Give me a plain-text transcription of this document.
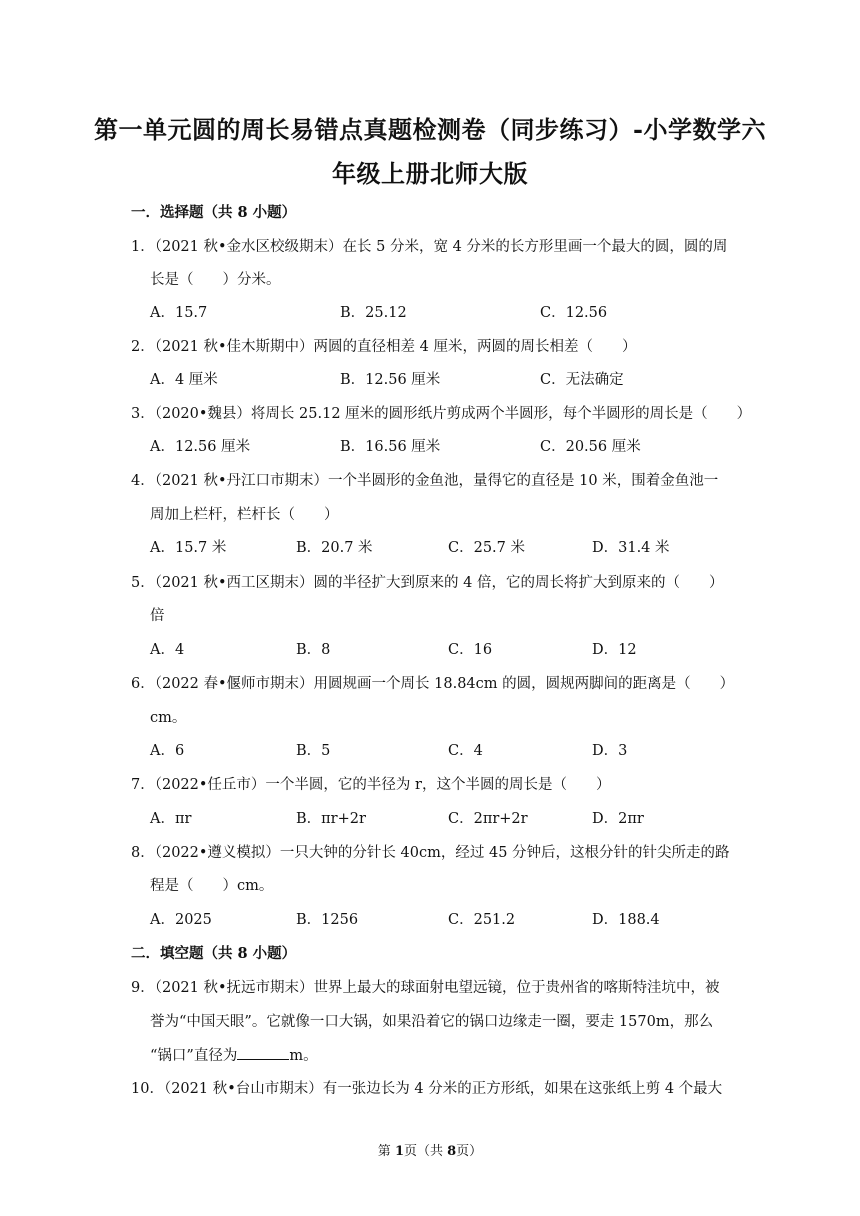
第一单元圆的周长易错点真题检测卷（同步练习）-小学数学六
年级上册北师大版
一．选择题（共 8 小题）
1．（2021 秋•金水区校级期末）在长 5 分米，宽 4 分米的长方形里画一个最大的圆，圆的周
长是（　　）分米。
A．15.7	B．25.12	C．12.56
2．（2021 秋•佳木斯期中）两圆的直径相差 4 厘米，两圆的周长相差（　　）
A．4 厘米	B．12.56 厘米	C．无法确定
3．（2020•魏县）将周长 25.12 厘米的圆形纸片剪成两个半圆形，每个半圆形的周长是（　　）
A．12.56 厘米	B．16.56 厘米	C．20.56 厘米
4．（2021 秋•丹江口市期末）一个半圆形的金鱼池，量得它的直径是 10 米，围着金鱼池一
周加上栏杆，栏杆长（　　）
A．15.7 米	B．20.7 米	C．25.7 米	D．31.4 米
5．（2021 秋•西工区期末）圆的半径扩大到原来的 4 倍，它的周长将扩大到原来的（　　）
倍
A．4	B．8	C．16	D．12
6．（2022 春•偃师市期末）用圆规画一个周长 18.84cm 的圆，圆规两脚间的距离是（　　）
cm。
A．6	B．5	C．4	D．3
7．（2022•任丘市）一个半圆，它的半径为 r，这个半圆的周长是（　　）
A．πr	B．πr+2r	C．2πr+2r	D．2πr
8．（2022•遵义模拟）一只大钟的分针长 40cm，经过 45 分钟后，这根分针的针尖所走的路
程是（　　）cm。
A．2025	B．1256	C．251.2	D．188.4
二．填空题（共 8 小题）
9．（2021 秋•抚远市期末）世界上最大的球面射电望远镜，位于贵州省的喀斯特洼坑中，被
誉为“中国天眼”。它就像一口大锅，如果沿着它的锅口边缘走一圈，要走 1570m，那么
“锅口”直径为	m。
10．（2021 秋•台山市期末）有一张边长为 4 分米的正方形纸，如果在这张纸上剪 4 个最大
第 1页（共 8页）
